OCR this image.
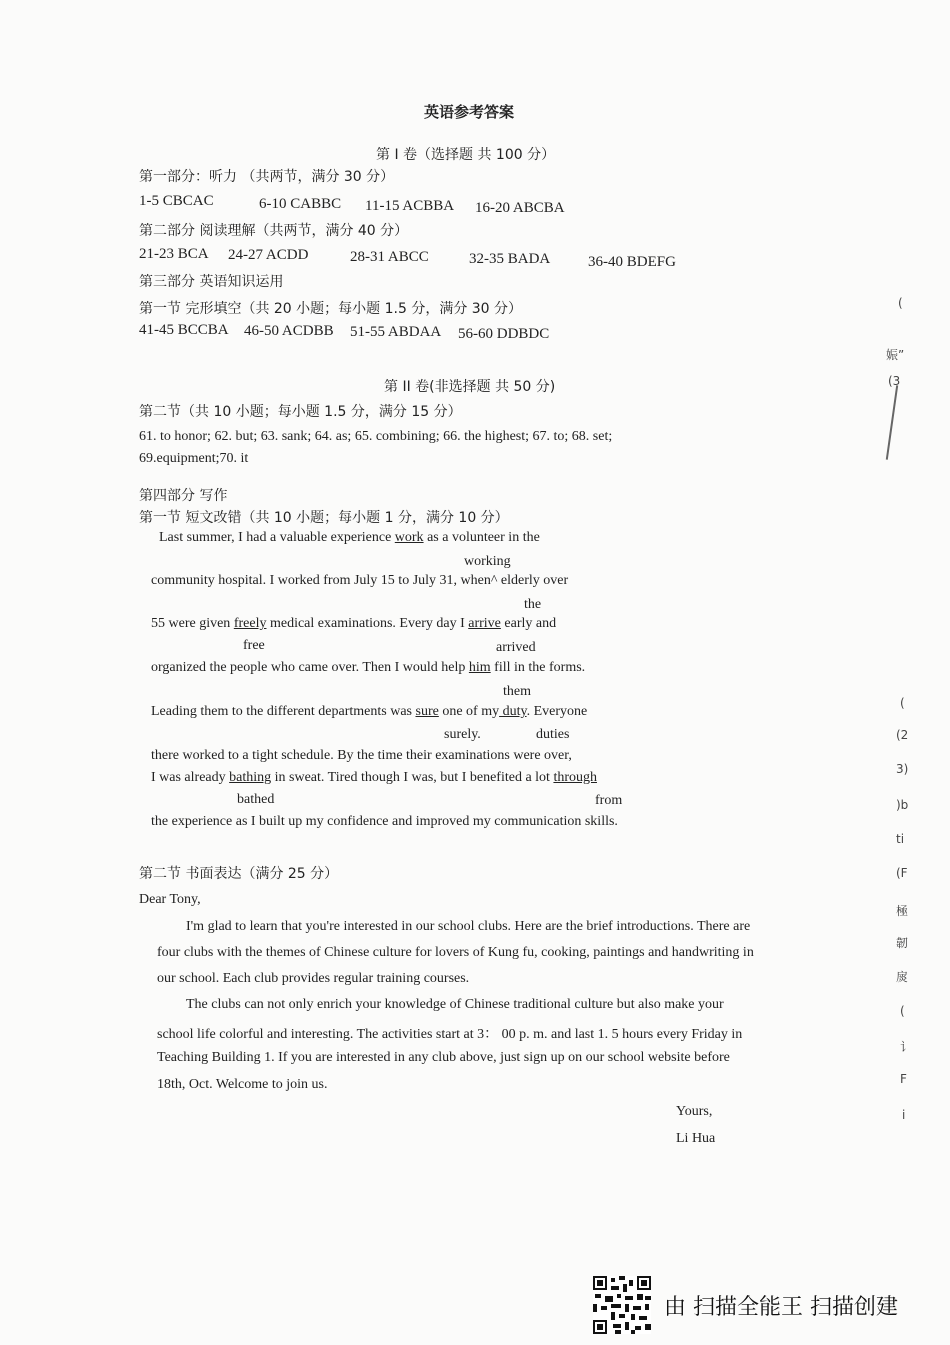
英语参考答案
第 I 卷（选择题 共 100 分）
第一部分：听力 （共两节，满分 30 分）
1-5 CBCAC	6-10 CABBC 11-15 ACBBA 16-20 ABCBA
第二部分 阅读理解（共两节，满分 40 分）
21-23 BCA 24-27 ACDD	28-31 ABCC	32-35 BADA	36-40 BDEFG
第三部分 英语知识运用
第一节 完形填空（共 20 小题；每小题 1.5 分，满分 30 分）
41-45 BCCBA 46-50 ACDBB 51-55 ABDAA 56-60 DDBDC
第 II 卷(非选择题 共 50 分)
第二节（共 10 小题；每小题 1.5 分，满分 15 分）
61. to honor; 62. but; 63. sank; 64. as; 65. combining; 66. the highest; 67. to; 68. set;
69.equipment;70. it
第四部分 写作
第一节 短文改错（共 10 小题；每小题 1 分，满分 10 分）
Last summer, I had a valuable experience work as a volunteer in the
working
community hospital. I worked from July 15 to July 31, when^ elderly over
the
55 were given freely medical examinations. Every day I arrive early and
free	arrived
organized the people who came over. Then I would help him fill in the forms.
them
Leading them to the different departments was sure one of my duty. Everyone
surely.	duties
there worked to a tight schedule. By the time their examinations were over,
I was already bathing in sweat. Tired though I was, but I benefited a lot through
bathed	from
the experience as I built up my confidence and improved my communication skills.
第二节 书面表达（满分 25 分）
Dear Tony,
I'm glad to learn that you're interested in our school clubs. Here are the brief introductions. There are
four clubs with the themes of Chinese culture for lovers of Kung fu, cooking, paintings and handwriting in
our school. Each club provides regular training courses.
The clubs can not only enrich your knowledge of Chinese traditional culture but also make your
school life colorful and interesting. The activities start at 3： 00 p. m. and last 1. 5 hours every Friday in
Teaching Building 1. If you are interested in any club above, just sign up on our school website before
18th, Oct. Welcome to join us.
Yours,
Li Hua
(
娠”
(3
(
(2
3)
)b
ti
(F
極
韌
扊
(
讠
F
i
由 扫描全能王 扫描创建
